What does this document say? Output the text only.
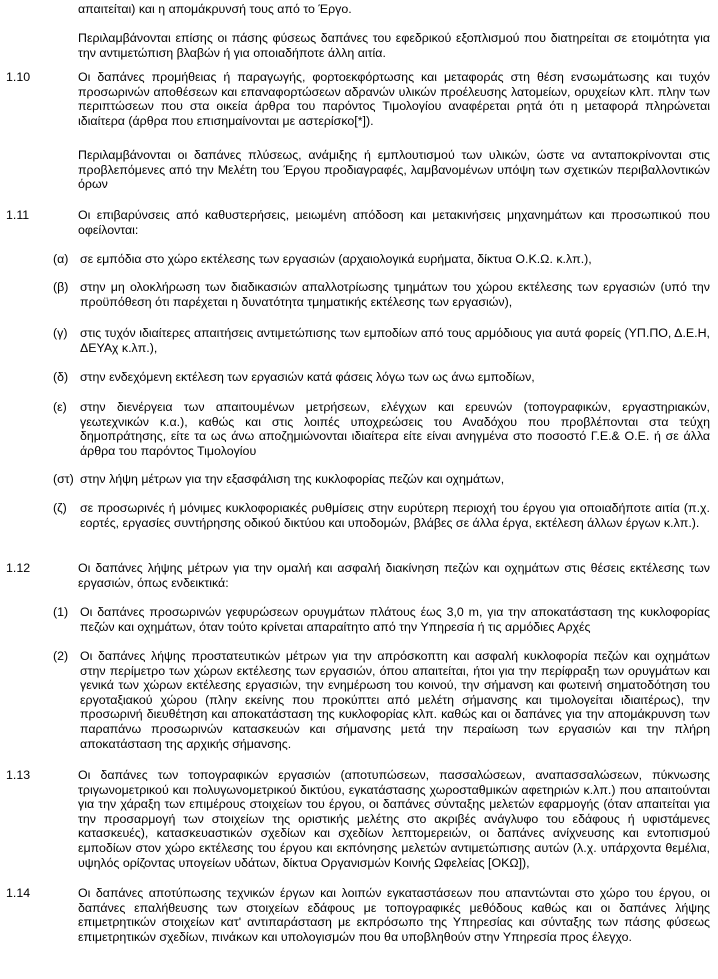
απαιτείται) και η απομάκρυνσή τους από το Έργο.
Περιλαμβάνονται επίσης οι πάσης φύσεως δαπάνες του εφεδρικού εξοπλισμού που διατηρείται σε ετοιμότητα για την αντιμετώπιση βλαβών ή για οποιαδήποτε άλλη αιτία.
1.10	Οι δαπάνες προμήθειας ή παραγωγής, φορτοεκφόρτωσης και μεταφοράς στη θέση ενσωμάτωσης και τυχόν προσωρινών αποθέσεων και επαναφορτώσεων αδρανών υλικών προέλευσης λατομείων, ορυχείων κλπ. πλην των περιπτώσεων που στα οικεία άρθρα του παρόντος Τιμολογίου αναφέρεται ρητά ότι η μεταφορά πληρώνεται ιδιαίτερα (άρθρα που επισημαίνονται με αστερίσκο[*]).
Περιλαμβάνονται οι δαπάνες πλύσεως, ανάμιξης ή εμπλουτισμού των υλικών, ώστε να ανταποκρίνονται στις προβλεπόμενες από την Μελέτη του Έργου προδιαγραφές, λαμβανομένων υπόψη των σχετικών περιβαλλοντικών όρων
1.11	Οι επιβαρύνσεις από καθυστερήσεις, μειωμένη απόδοση και μετακινήσεις μηχανημάτων και προσωπικού που οφείλονται:
(α) σε εμπόδια στο χώρο εκτέλεσης των εργασιών (αρχαιολογικά ευρήματα, δίκτυα Ο.Κ.Ω. κ.λπ.),
(β) στην μη ολοκλήρωση των διαδικασιών απαλλοτρίωσης τμημάτων του χώρου εκτέλεσης των εργασιών (υπό την προϋπόθεση ότι παρέχεται η δυνατότητα τμηματικής εκτέλεσης των εργασιών),
(γ) στις τυχόν ιδιαίτερες απαιτήσεις αντιμετώπισης των εμποδίων από τους αρμόδιους για αυτά φορείς (ΥΠ.ΠΟ, Δ.Ε.Η, ΔΕΥΑχ κ.λπ.),
(δ) στην ενδεχόμενη εκτέλεση των εργασιών κατά φάσεις λόγω των ως άνω εμποδίων,
(ε) στην διενέργεια των απαιτουμένων μετρήσεων, ελέγχων και ερευνών (τοπογραφικών, εργαστηριακών, γεωτεχνικών κ.α.), καθώς και στις λοιπές υποχρεώσεις του Αναδόχου που προβλέπονται στα τεύχη δημοπράτησης, είτε τα ως άνω αποζημιώνονται ιδιαίτερα είτε είναι ανηγμένα στο ποσοστό Γ.Ε.& Ο.Ε. ή σε άλλα άρθρα του παρόντος Τιμολογίου
(στ) στην λήψη μέτρων για την εξασφάλιση της κυκλοφορίας πεζών και οχημάτων,
(ζ) σε προσωρινές ή μόνιμες κυκλοφοριακές ρυθμίσεις στην ευρύτερη περιοχή του έργου για οποιαδήποτε αιτία (π.χ. εορτές, εργασίες συντήρησης οδικού δικτύου και υποδομών, βλάβες σε άλλα έργα, εκτέλεση άλλων έργων κ.λπ.).
1.12	Οι δαπάνες λήψης μέτρων για την ομαλή και ασφαλή διακίνηση πεζών και οχημάτων στις θέσεις εκτέλεσης των εργασιών, όπως ενδεικτικά:
(1) Οι δαπάνες προσωρινών γεφυρώσεων ορυγμάτων πλάτους έως 3,0 m, για την αποκατάσταση της κυκλοφορίας πεζών και οχημάτων, όταν τούτο κρίνεται απαραίτητο από την Υπηρεσία ή τις αρμόδιες Αρχές
(2) Οι δαπάνες λήψης προστατευτικών μέτρων για την απρόσκοπτη και ασφαλή κυκλοφορία πεζών και οχημάτων στην περίμετρο των χώρων εκτέλεσης των εργασιών, όπου απαιτείται, ήτοι για την περίφραξη των ορυγμάτων και γενικά των χώρων εκτέλεσης εργασιών, την ενημέρωση του κοινού, την σήμανση και φωτεινή σηματοδότηση του εργοταξιακού χώρου (πλην εκείνης που προκύπτει από μελέτη σήμανσης και τιμολογείται ιδιαιτέρως), την προσωρινή διευθέτηση και αποκατάσταση της κυκλοφορίας κλπ. καθώς και οι δαπάνες για την απομάκρυνση των παραπάνω προσωρινών κατασκευών και σήμανσης μετά την περαίωση των εργασιών και την πλήρη αποκατάσταση της αρχικής σήμανσης.
1.13	Οι δαπάνες των τοπογραφικών εργασιών (αποτυπώσεων, πασσαλώσεων, αναπασσαλώσεων, πύκνωσης τριγωνομετρικού και πολυγωνομετρικού δικτύου, εγκατάστασης χωροσταθμικών αφετηριών κ.λπ.) που απαιτούνται για την χάραξη των επιμέρους στοιχείων του έργου, οι δαπάνες σύνταξης μελετών εφαρμογής (όταν απαιτείται για την προσαρμογή των στοιχείων της οριστικής μελέτης στο ακριβές ανάγλυφο του εδάφους ή υφιστάμενες κατασκευές), κατασκευαστικών σχεδίων και σχεδίων λεπτομερειών, οι δαπάνες ανίχνευσης και εντοπισμού εμποδίων στον χώρο εκτέλεσης του έργου και εκπόνησης μελετών αντιμετώπισης αυτών (λ.χ. υπάρχοντα θεμέλια, υψηλός ορίζοντας υπογείων υδάτων, δίκτυα Οργανισμών Κοινής Ωφελείας [ΟΚΩ]),
1.14	Οι δαπάνες αποτύπωσης τεχνικών έργων και λοιπών εγκαταστάσεων που απαντώνται στο χώρο του έργου, οι δαπάνες επαλήθευσης των στοιχείων εδάφους με τοπογραφικές μεθόδους καθώς και οι δαπάνες λήψης επιμετρητικών στοιχείων κατ' αντιπαράσταση με εκπρόσωπο της Υπηρεσίας και σύνταξης των πάσης φύσεως επιμετρητικών σχεδίων, πινάκων και υπολογισμών που θα υποβληθούν στην Υπηρεσία προς έλεγχο.
